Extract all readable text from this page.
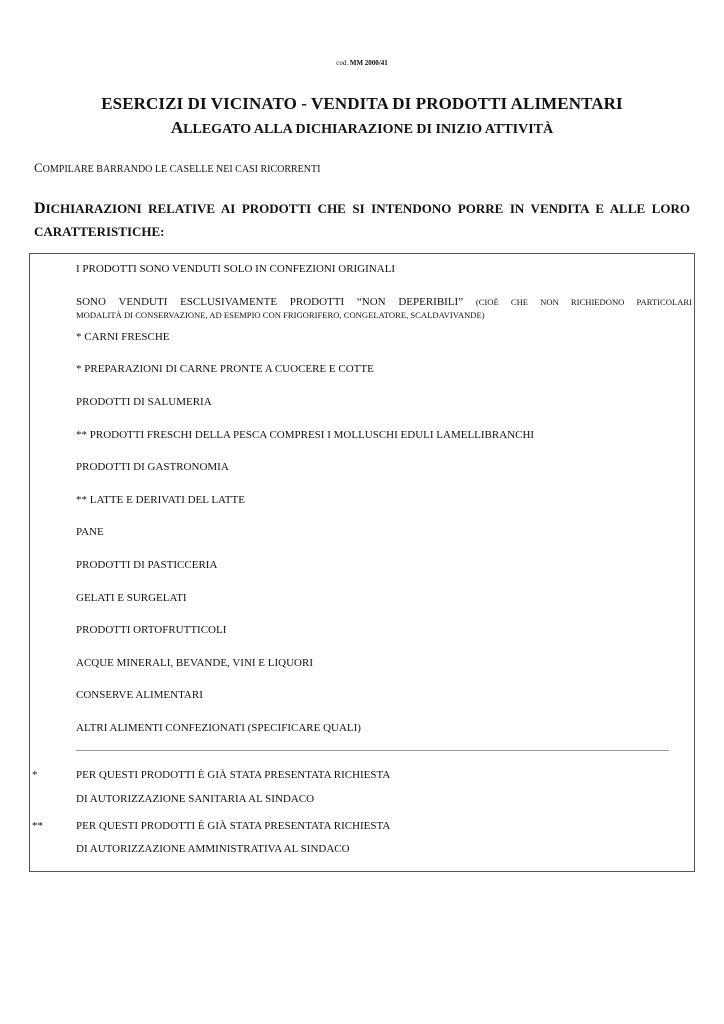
cod. MM 2000/41
ESERCIZI DI VICINATO - VENDITA DI PRODOTTI ALIMENTARI
ALLEGATO ALLA DICHIARAZIONE DI INIZIO ATTIVITÀ
COMPILARE BARRANDO LE CASELLE NEI CASI RICORRENTI
DICHIARAZIONI RELATIVE AI PRODOTTI CHE SI INTENDONO PORRE IN VENDITA E ALLE LORO CARATTERISTICHE:
I PRODOTTI SONO VENDUTI SOLO IN CONFEZIONI ORIGINALI
SONO VENDUTI ESCLUSIVAMENTE PRODOTTI “NON DEPERIBILI” (CIOÈ CHE NON RICHIEDONO PARTICOLARI
MODALITÀ DI CONSERVAZIONE, AD ESEMPIO CON FRIGORIFERO, CONGELATORE, SCALDAVIVANDE)
* CARNI FRESCHE
* PREPARAZIONI DI CARNE PRONTE A CUOCERE E COTTE
PRODOTTI DI SALUMERIA
** PRODOTTI FRESCHI DELLA PESCA COMPRESI I MOLLUSCHI EDULI LAMELLIBRANCHI
PRODOTTI DI GASTRONOMIA
** LATTE E DERIVATI DEL LATTE
PANE
PRODOTTI DI PASTICCERIA
GELATI E SURGELATI
PRODOTTI ORTOFRUTTICOLI
ACQUE MINERALI, BEVANDE, VINI E LIQUORI
CONSERVE ALIMENTARI
ALTRI ALIMENTI CONFEZIONATI (SPECIFICARE QUALI)
*	PER QUESTI PRODOTTI È GIÀ STATA PRESENTATA RICHIESTA
DI AUTORIZZAZIONE SANITARIA AL SINDACO
**	PER QUESTI PRODOTTI È GIÀ STATA PRESENTATA RICHIESTA
DI AUTORIZZAZIONE AMMINISTRATIVA AL SINDACO
